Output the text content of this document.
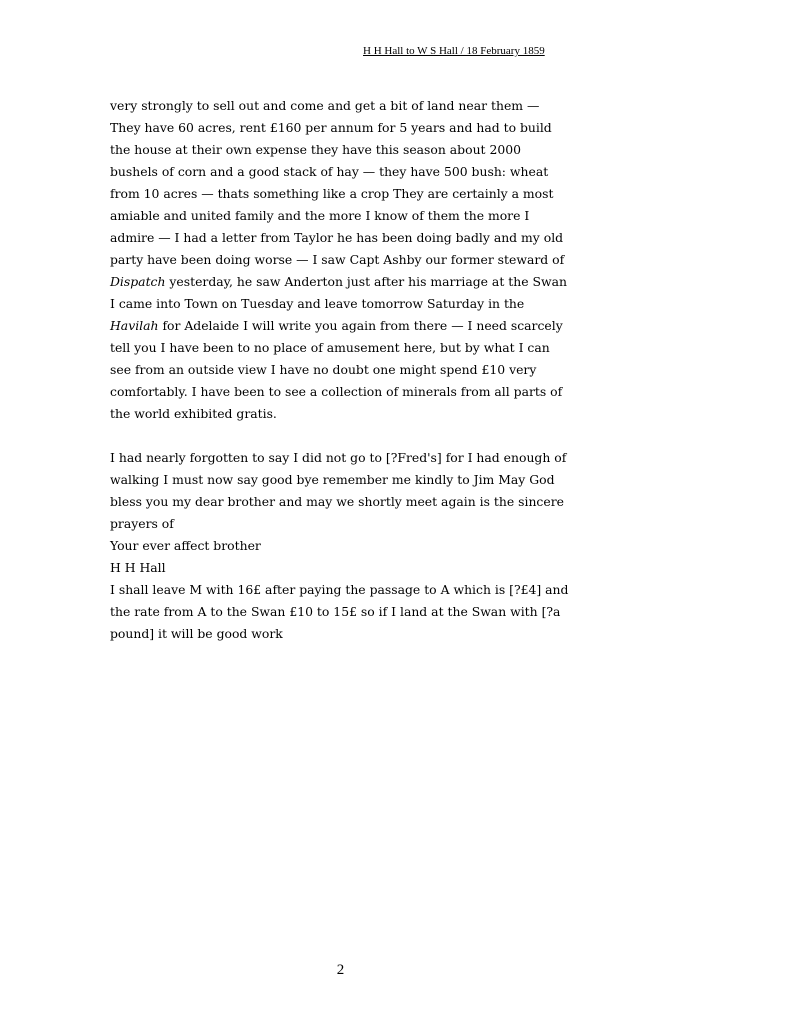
H H Hall to W S Hall / 18 February 1859
very strongly to sell out and come and get a bit of land near them —
They have 60 acres, rent £160 per annum for 5 years and had to build
the house at their own expense they have this season about 2000
bushels of corn and a good stack of hay — they have 500 bush: wheat
from 10 acres — thats something like a crop They are certainly a most
amiable and united family and the more I know of them the more I
admire — I had a letter from Taylor he has been doing badly and my old
party have been doing worse — I saw Capt Ashby our former steward of
Dispatch yesterday, he saw Anderton just after his marriage at the Swan
I came into Town on Tuesday and leave tomorrow Saturday in the
Havilah for Adelaide I will write you again from there — I need scarcely
tell you I have been to no place of amusement here, but by what I can
see from an outside view I have no doubt one might spend £10 very
comfortably. I have been to see a collection of minerals from all parts of
the world exhibited gratis.
I had nearly forgotten to say I did not go to [?Fred's] for I had enough of
walking I must now say good bye remember me kindly to Jim May God
bless you my dear brother and may we shortly meet again is the sincere
prayers of
Your ever affect brother
H H Hall
I shall leave M with 16£ after paying the passage to A which is [?£4] and
the rate from A to the Swan £10 to 15£ so if I land at the Swan with [?a
pound] it will be good work
2
